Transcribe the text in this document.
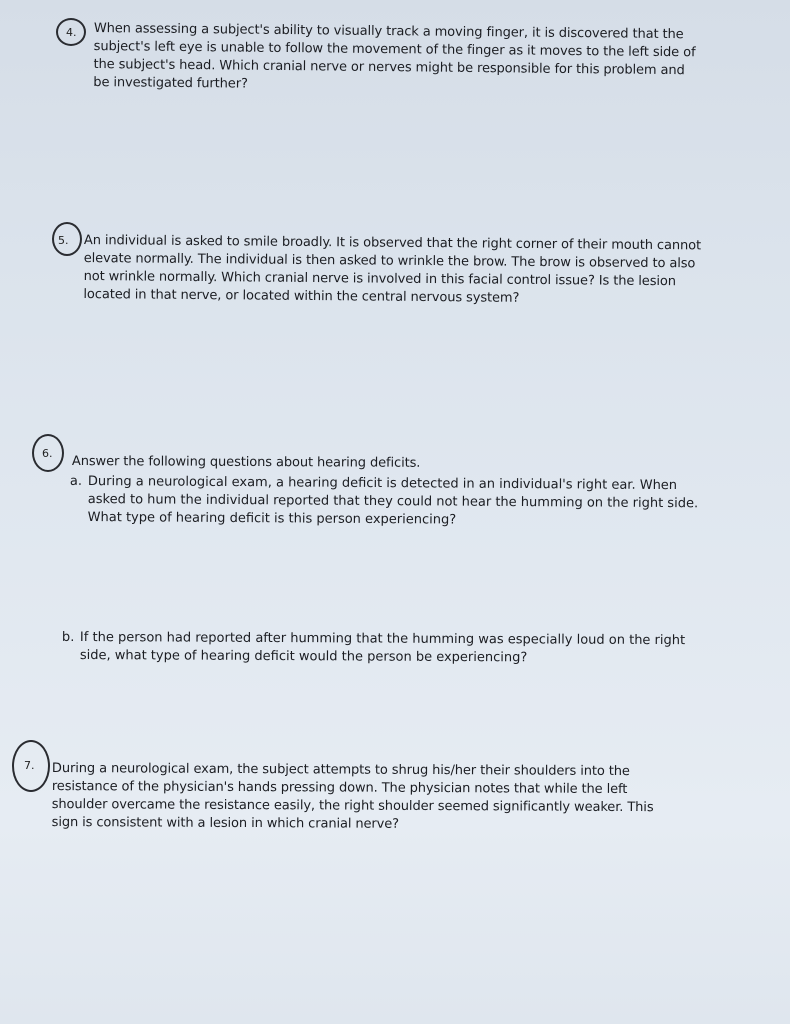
4. When assessing a subject's ability to visually track a moving finger, it is discovered that the subject's left eye is unable to follow the movement of the finger as it moves to the left side of the subject's head. Which cranial nerve or nerves might be responsible for this problem and be investigated further?

5. An individual is asked to smile broadly. It is observed that the right corner of their mouth cannot elevate normally. The individual is then asked to wrinkle the brow. The brow is observed to also not wrinkle normally. Which cranial nerve is involved in this facial control issue? Is the lesion located in that nerve, or located within the central nervous system?

6.

Answer the following questions about hearing deficits.

a. During a neurological exam, a hearing deficit is detected in an individual's right ear. When asked to hum the individual reported that they could not hear the humming on the right side. What type of hearing deficit is this person experiencing?

b. If the person had reported after humming that the humming was especially loud on the right side, what type of hearing deficit would the person be experiencing?

7. During a neurological exam, the subject attempts to shrug his/her their shoulders into the resistance of the physician's hands pressing down. The physician notes that while the left shoulder overcame the resistance easily, the right shoulder seemed significantly weaker. This sign is consistent with a lesion in which cranial nerve?
